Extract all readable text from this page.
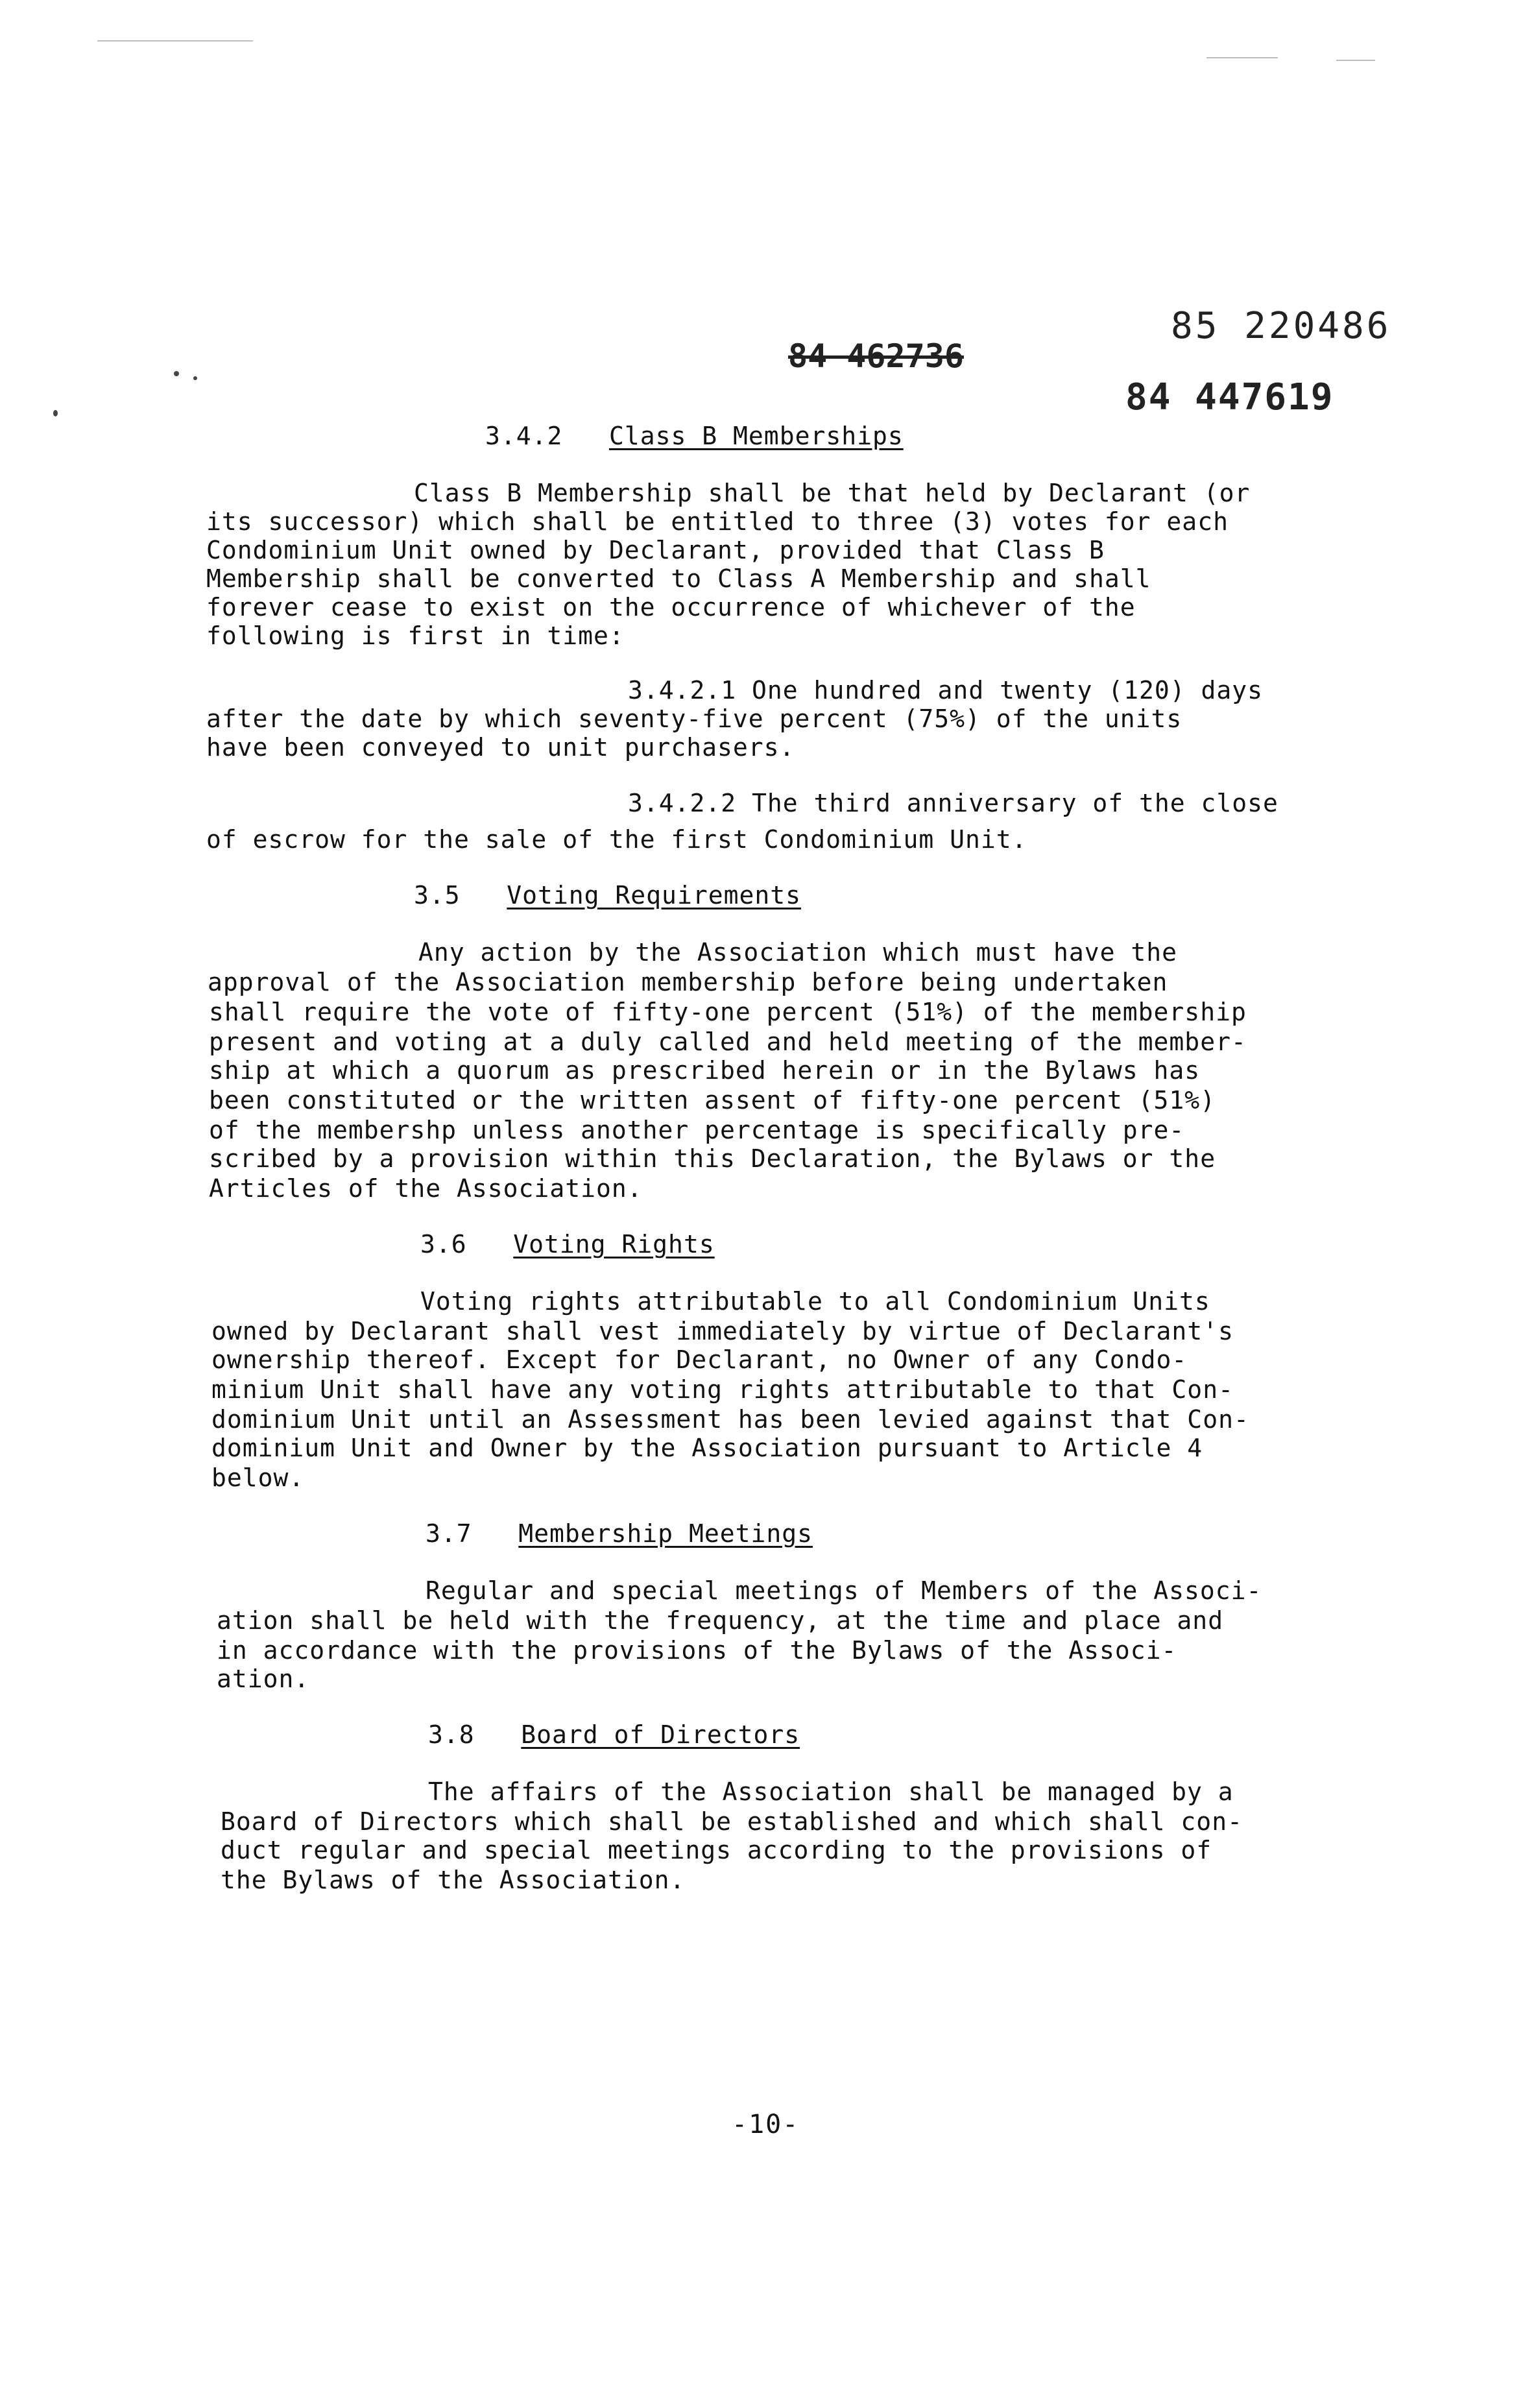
84 462736
85 220486
84 447619
3.4.2 Class B Memberships
Class B Membership shall be that held by Declarant (or
its successor) which shall be entitled to three (3) votes for each
Condominium Unit owned by Declarant, provided that Class B
Membership shall be converted to Class A Membership and shall
forever cease to exist on the occurrence of whichever of the
following is first in time:
3.4.2.1 One hundred and twenty (120) days
after the date by which seventy-five percent (75%) of the units
have been conveyed to unit purchasers.
3.4.2.2 The third anniversary of the close
of escrow for the sale of the first Condominium Unit.
3.5 Voting Requirements
Any action by the Association which must have the
approval of the Association membership before being undertaken
shall require the vote of fifty-one percent (51%) of the membership
present and voting at a duly called and held meeting of the member-
ship at which a quorum as prescribed herein or in the Bylaws has
been constituted or the written assent of fifty-one percent (51%)
of the membershp unless another percentage is specifically pre-
scribed by a provision within this Declaration, the Bylaws or the
Articles of the Association.
3.6 Voting Rights
Voting rights attributable to all Condominium Units
owned by Declarant shall vest immediately by virtue of Declarant's
ownership thereof. Except for Declarant, no Owner of any Condo-
minium Unit shall have any voting rights attributable to that Con-
dominium Unit until an Assessment has been levied against that Con-
dominium Unit and Owner by the Association pursuant to Article 4
below.
3.7 Membership Meetings
Regular and special meetings of Members of the Associ-
ation shall be held with the frequency, at the time and place and
in accordance with the provisions of the Bylaws of the Associ-
ation.
3.8 Board of Directors
The affairs of the Association shall be managed by a
Board of Directors which shall be established and which shall con-
duct regular and special meetings according to the provisions of
the Bylaws of the Association.
-10-
